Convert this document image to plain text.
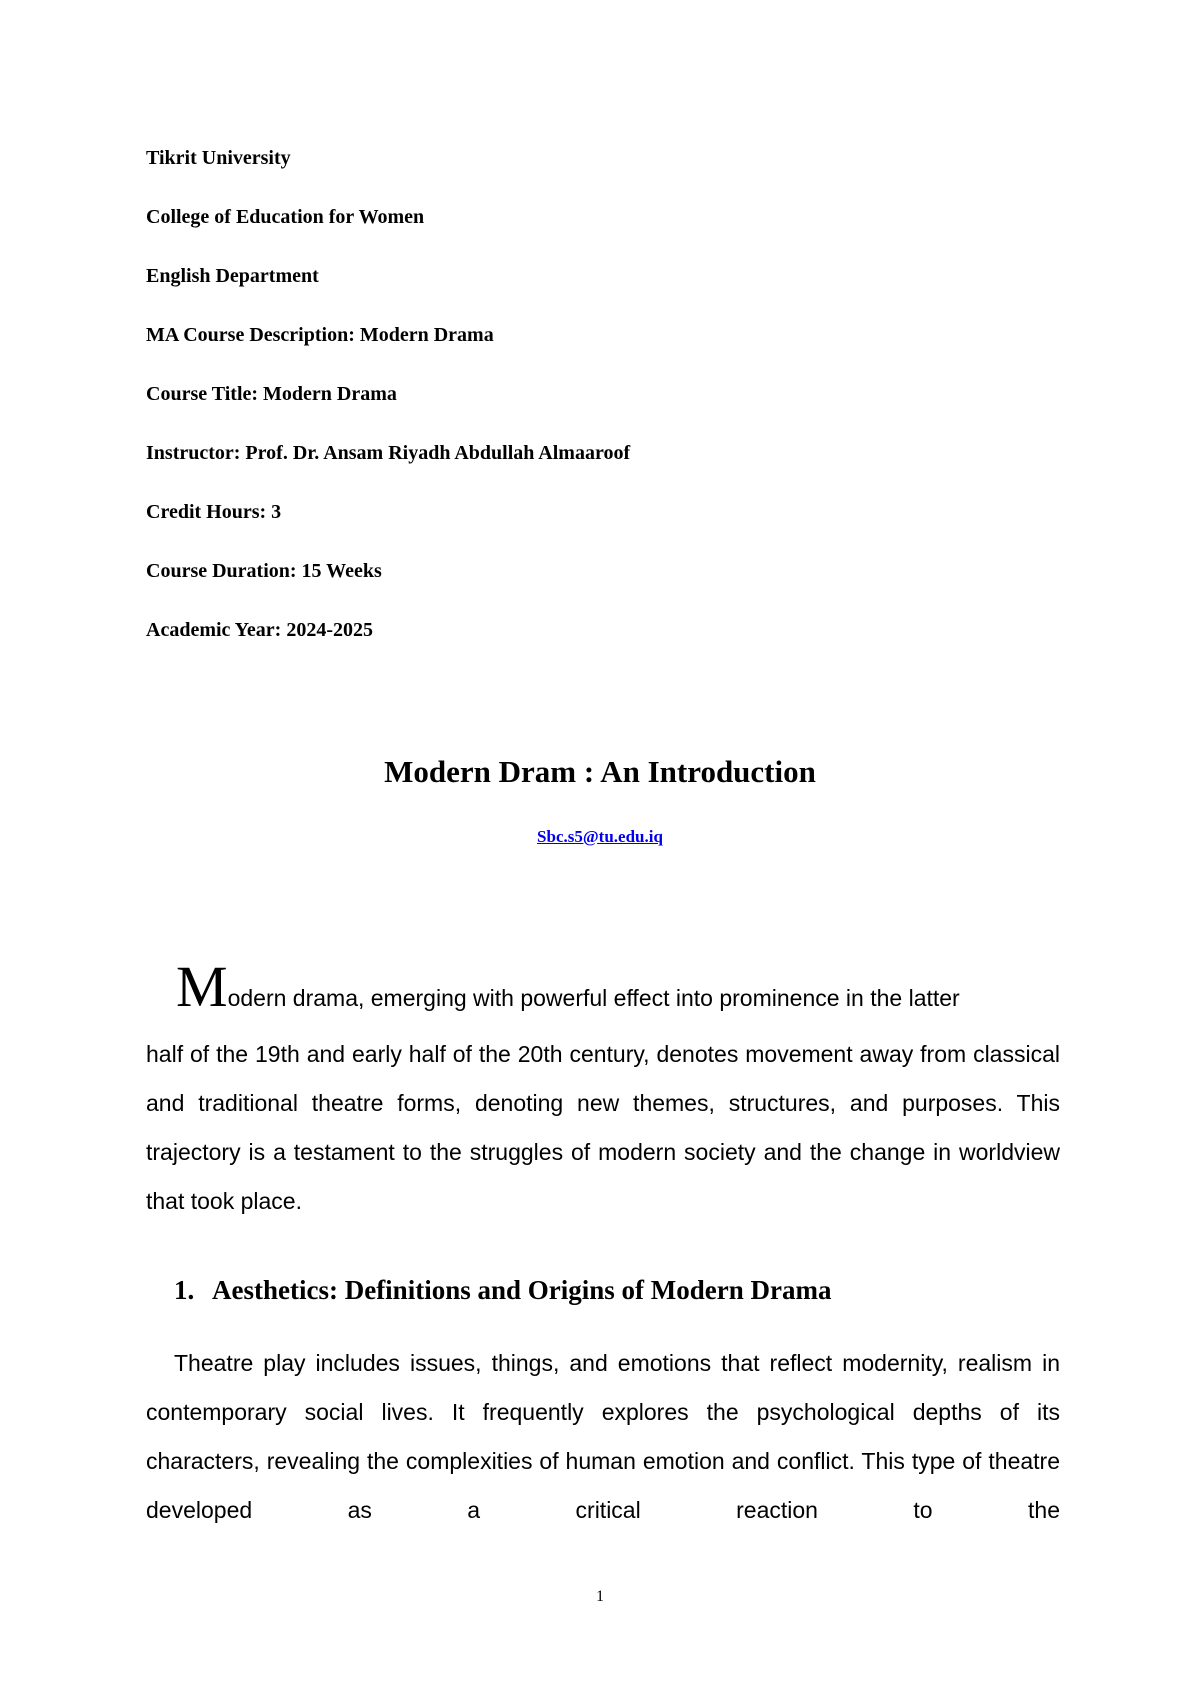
Tikrit University
College of Education for Women
English Department
MA Course Description: Modern Drama
Course Title: Modern Drama
Instructor: Prof. Dr. Ansam Riyadh Abdullah Almaaroof
Credit Hours: 3
Course Duration: 15 Weeks
Academic Year: 2024-2025
Modern Dram : An Introduction
Sbc.s5@tu.edu.iq

Modern drama, emerging with powerful effect into prominence in the latter
half of the 19th and early half of the 20th century, denotes movement away from classical and traditional theatre forms, denoting new themes, structures, and purposes. This trajectory is a testament to the struggles of modern society and the change in worldview that took place.

1. Aesthetics: Definitions and Origins of Modern Drama

Theatre play includes issues, things, and emotions that reflect modernity, realism in contemporary social lives. It frequently explores the psychological depths of its characters, revealing the complexities of human emotion and conflict. This type of theatre developed as a critical reaction to the

1
